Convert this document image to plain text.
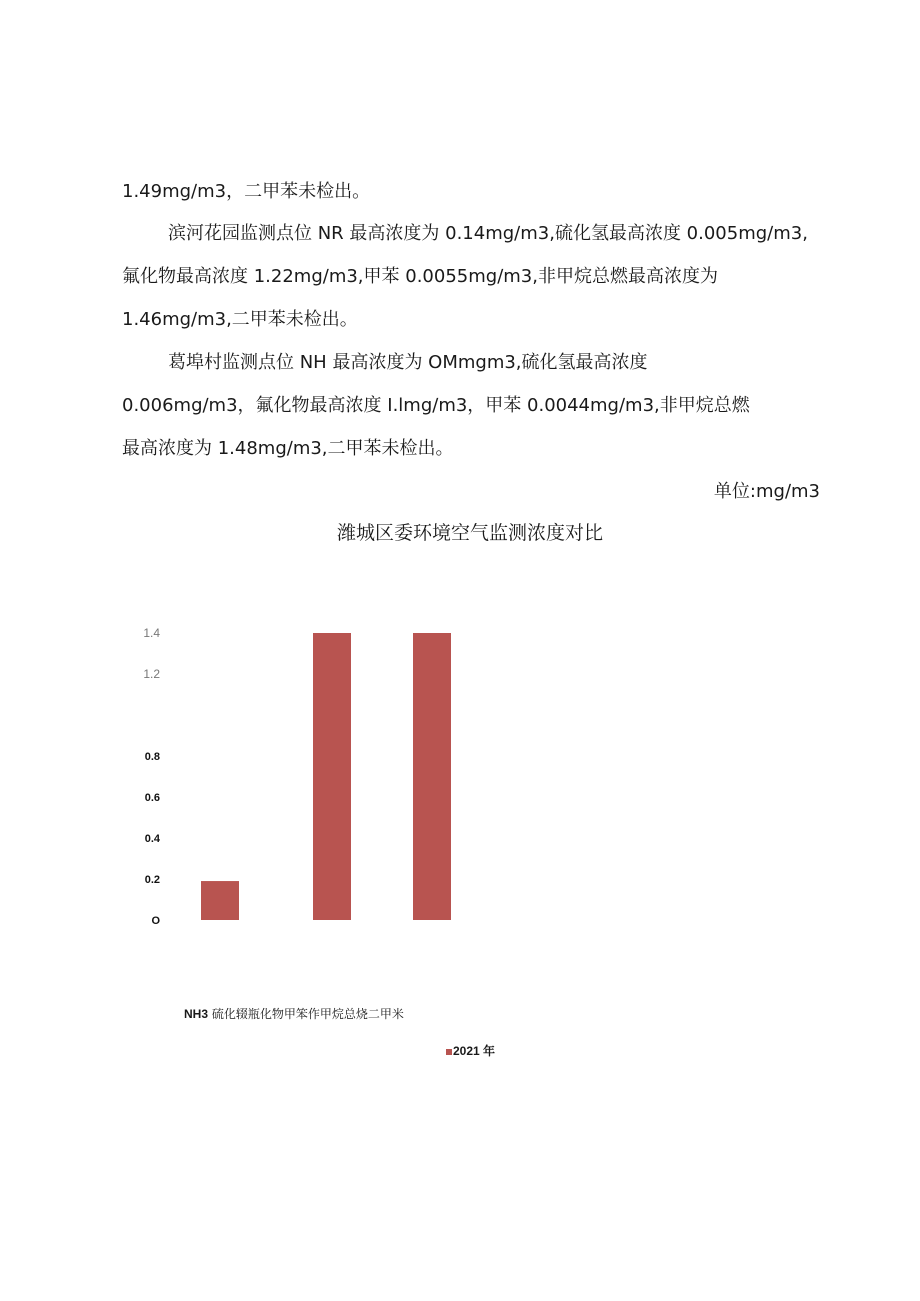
1.49mg∕m3，二甲苯未检出。
滨河花园监测点位 NR 最高浓度为 0.14mg∕m3,硫化氢最高浓度 0.005mg∕m3,
氟化物最高浓度 1.22mg∕m3,甲苯 0.0055mg∕m3,非甲烷总燃最高浓度为
1.46mg∕m3,二甲苯未检出。
葛埠村监测点位 NH 最高浓度为 OMmgm3,硫化氢最高浓度
0.006mg∕m3，氟化物最高浓度 I.lmg∕m3，甲苯 0.0044mg∕m3,非甲烷总燃
最高浓度为 1.48mg∕m3,二甲苯未检出。
单位:mg∕m3
潍城区委环境空气监测浓度对比
O
0.2
0.4
0.6
0.8
1.2
1.4
NH3 硫化辍瓶化物甲笨作甲烷总烧二甲米
2021 年
